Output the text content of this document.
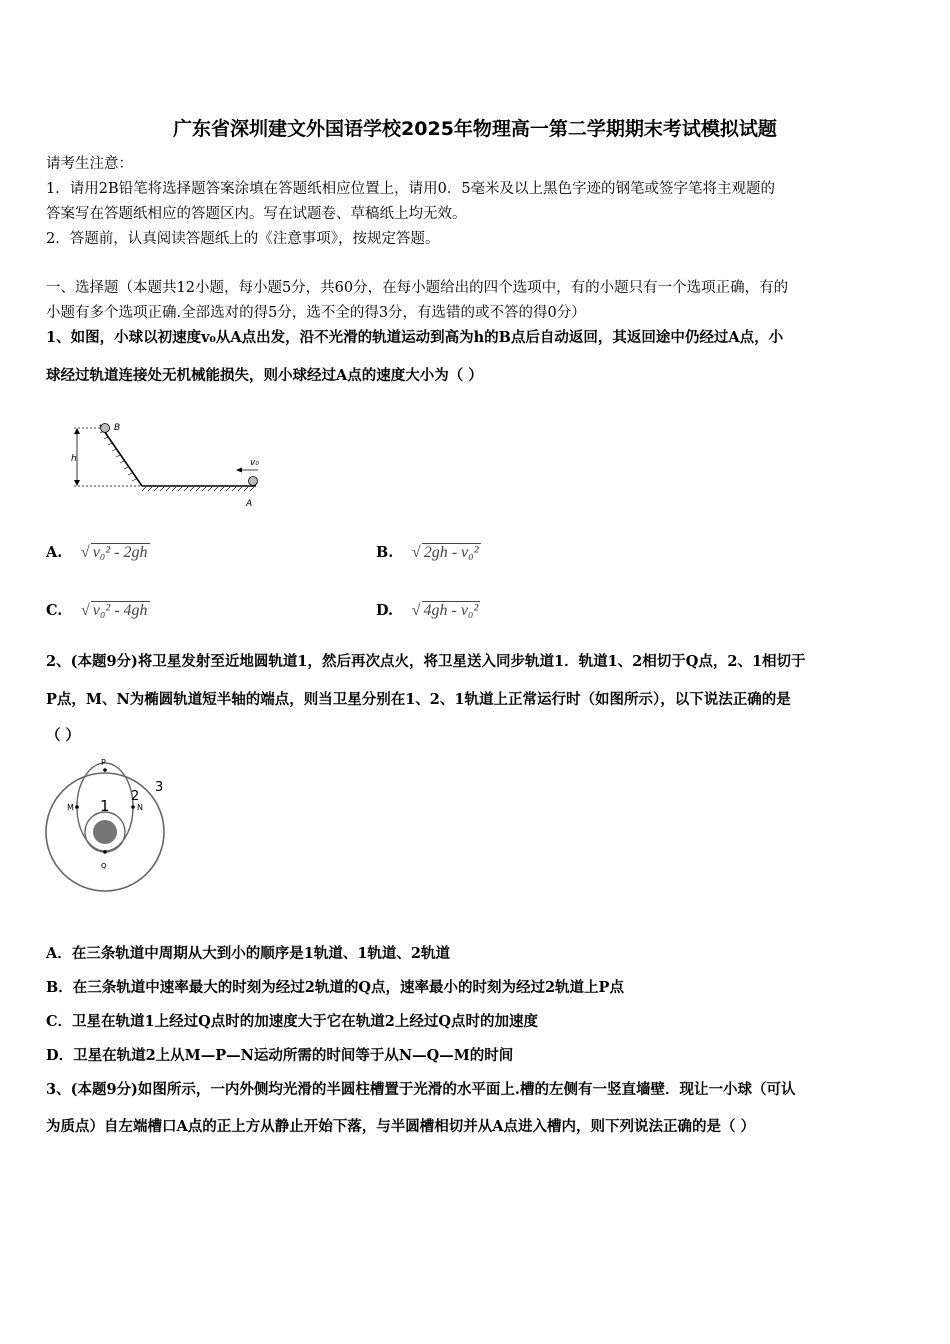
广东省深圳建文外国语学校2025年物理高一第二学期期末考试模拟试题
请考生注意：
1．请用2B铅笔将选择题答案涂填在答题纸相应位置上，请用0．5毫米及以上黑色字迹的钢笔或签字笔将主观题的
答案写在答题纸相应的答题区内。写在试题卷、草稿纸上均无效。
2．答题前，认真阅读答题纸上的《注意事项》，按规定答题。
一、选择题（本题共12小题，每小题5分，共60分，在每小题给出的四个选项中，有的小题只有一个选项正确，有的
小题有多个选项正确.全部选对的得5分，选不全的得3分，有选错的或不答的得0分）
1、如图，小球以初速度v₀从A点出发，沿不光滑的轨道运动到高为h的B点后自动返回，其返回途中仍经过A点，小
球经过轨道连接处无机械能损失，则小球经过A点的速度大小为（ ）
h
B
v₀
A
A. √ v₀² - 2gh	B. √ 2gh - v₀²
C. √ v₀² - 4gh	D. √ 4gh - v₀²
2、(本题9分)将卫星发射至近地圆轨道1，然后再次点火，将卫星送入同步轨道1．轨道1、2相切于Q点，2、1相切于
P点，M、N为椭圆轨道短半轴的端点，则当卫星分别在1、2、1轨道上正常运行时（如图所示），以下说法正确的是
（ ）
P
M	N
Q
1
2
3
A．在三条轨道中周期从大到小的顺序是1轨道、1轨道、2轨道
B．在三条轨道中速率最大的时刻为经过2轨道的Q点，速率最小的时刻为经过2轨道上P点
C．卫星在轨道1上经过Q点时的加速度大于它在轨道2上经过Q点时的加速度
D．卫星在轨道2上从M—P—N运动所需的时间等于从N—Q—M的时间
3、(本题9分)如图所示，一内外侧均光滑的半圆柱槽置于光滑的水平面上.槽的左侧有一竖直墙壁．现让一小球（可认
为质点）自左端槽口A点的正上方从静止开始下落，与半圆槽相切并从A点进入槽内，则下列说法正确的是（ ）
